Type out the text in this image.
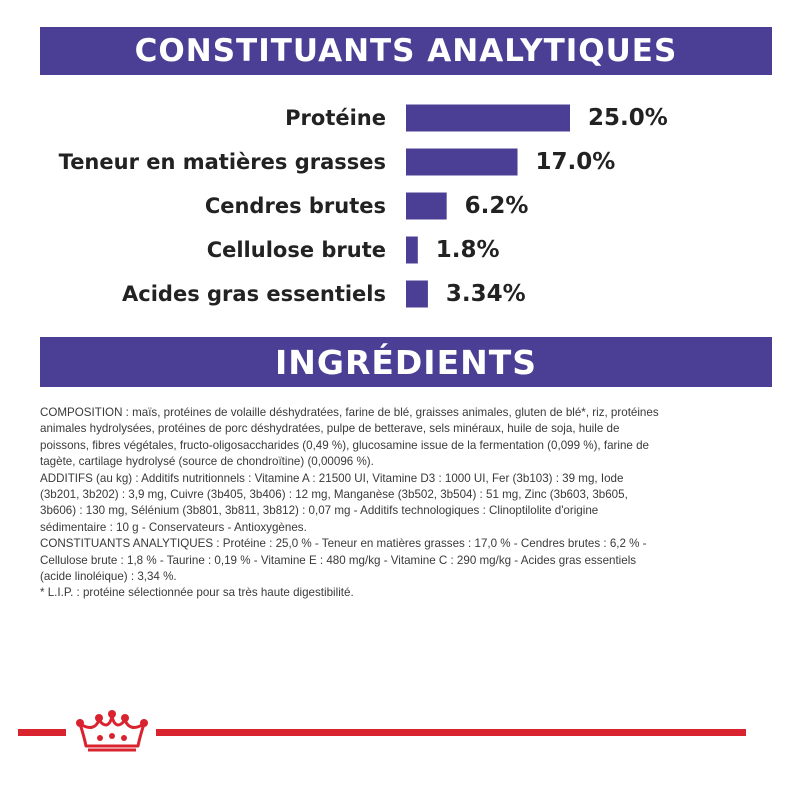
CONSTITUANTS ANALYTIQUES
Protéine	25.0%
Teneur en matières grasses	17.0%
Cendres brutes	6.2%
Cellulose brute 1.8%
Acides gras essentiels	3.34%
INGRÉDIENTS

COMPOSITION : maïs, protéines de volaille déshydratées, farine de blé, graisses animales, gluten de blé*, riz, protéines

animales hydrolysées, protéines de porc déshydratées, pulpe de betterave, sels minéraux, huile de soja, huile de

poissons, fibres végétales, fructo-oligosaccharides (0,49 %), glucosamine issue de la fermentation (0,099 %), farine de

tagète, cartilage hydrolysé (source de chondroïtine) (0,00096 %).

ADDITIFS (au kg) : Additifs nutritionnels : Vitamine A : 21500 UI, Vitamine D3 : 1000 UI, Fer (3b103) : 39 mg, Iode

(3b201, 3b202) : 3,9 mg, Cuivre (3b405, 3b406) : 12 mg, Manganèse (3b502, 3b504) : 51 mg, Zinc (3b603, 3b605,

3b606) : 130 mg, Sélénium (3b801, 3b811, 3b812) : 0,07 mg - Additifs technologiques : Clinoptilolite d'origine

sédimentaire : 10 g - Conservateurs - Antioxygènes.

CONSTITUANTS ANALYTIQUES : Protéine : 25,0 % - Teneur en matières grasses : 17,0 % - Cendres brutes : 6,2 % -

Cellulose brute : 1,8 % - Taurine : 0,19 % - Vitamine E : 480 mg/kg - Vitamine C : 290 mg/kg - Acides gras essentiels

(acide linoléique) : 3,34 %.

* L.I.P. : protéine sélectionnée pour sa très haute digestibilité.
